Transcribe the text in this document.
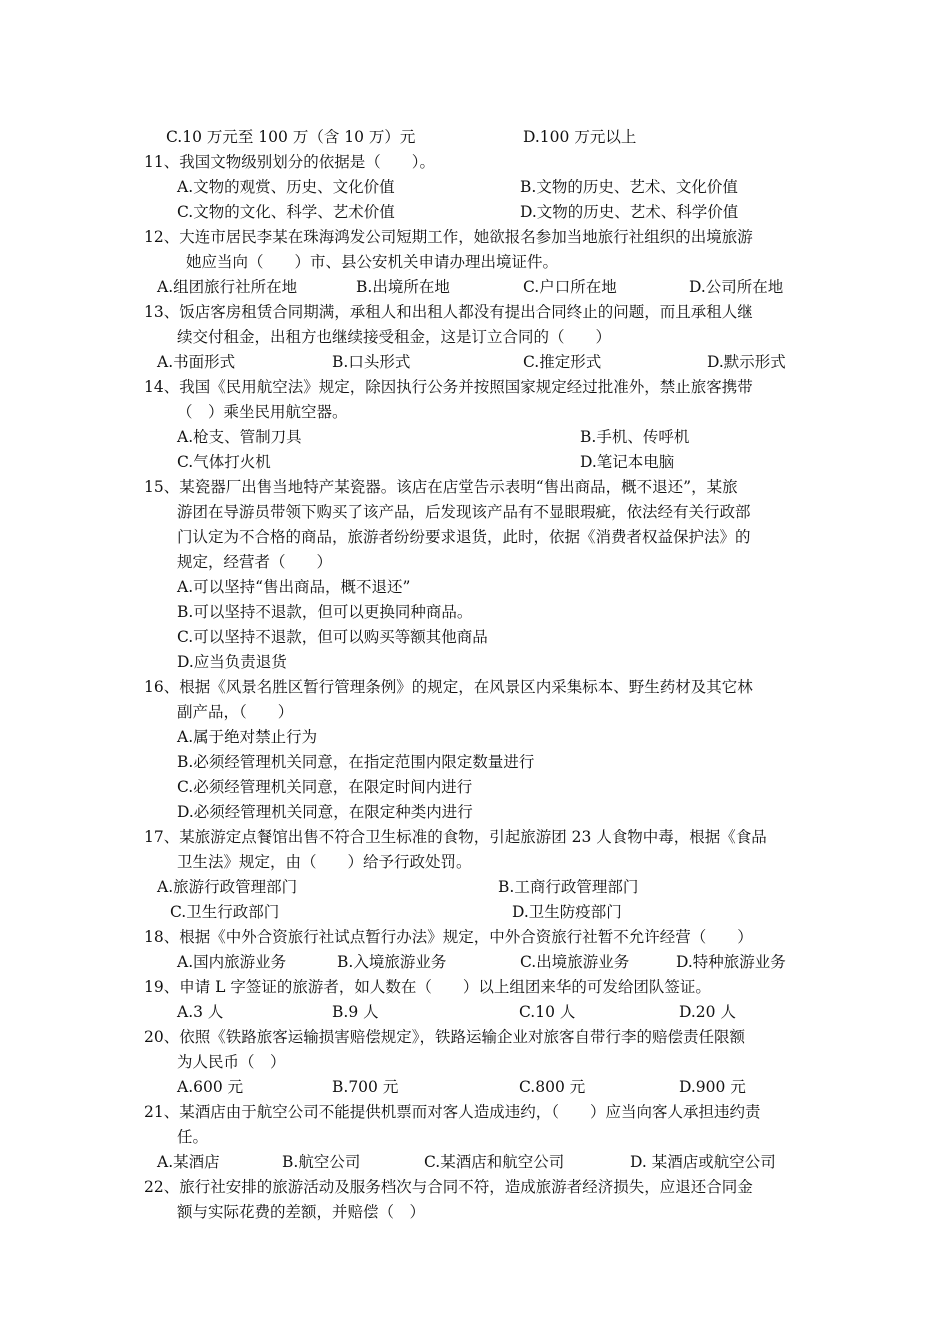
C.10 万元至 100 万（含 10 万）元	D.100 万元以上
11、我国文物级别划分的依据是（　　）。
A.文物的观赏、历史、文化价值	B.文物的历史、艺术、文化价值
C.文物的文化、科学、艺术价值	D.文物的历史、艺术、科学价值
12、大连市居民李某在珠海鸿发公司短期工作，她欲报名参加当地旅行社组织的出境旅游
她应当向（　　）市、县公安机关申请办理出境证件。
A.组团旅行社所在地	B.出境所在地	C.户口所在地	D.公司所在地
13、饭店客房租赁合同期满，承租人和出租人都没有提出合同终止的问题，而且承租人继
续交付租金，出租方也继续接受租金，这是订立合同的（　　）
A.书面形式	B.口头形式	C.推定形式	D.默示形式
14、我国《民用航空法》规定，除因执行公务并按照国家规定经过批准外，禁止旅客携带
（　）乘坐民用航空器。
A.枪支、管制刀具	B.手机、传呼机
C.气体打火机	D.笔记本电脑
15、某瓷器厂出售当地特产某瓷器。该店在店堂告示表明“售出商品，概不退还”，某旅
游团在导游员带领下购买了该产品，后发现该产品有不显眼瑕疵，依法经有关行政部
门认定为不合格的商品，旅游者纷纷要求退货，此时，依据《消费者权益保护法》的
规定，经营者（　　）
A.可以坚持“售出商品，概不退还”
B.可以坚持不退款，但可以更换同种商品。
C.可以坚持不退款，但可以购买等额其他商品
D.应当负责退货
16、根据《风景名胜区暂行管理条例》的规定，在风景区内采集标本、野生药材及其它林
副产品，（　　）
A.属于绝对禁止行为
B.必须经管理机关同意，在指定范围内限定数量进行
C.必须经管理机关同意，在限定时间内进行
D.必须经管理机关同意，在限定种类内进行
17、某旅游定点餐馆出售不符合卫生标准的食物，引起旅游团 23 人食物中毒，根据《食品
卫生法》规定，由（　　）给予行政处罚。
A.旅游行政管理部门	B.工商行政管理部门
C.卫生行政部门	D.卫生防疫部门
18、根据《中外合资旅行社试点暂行办法》规定，中外合资旅行社暂不允许经营（　　）
A.国内旅游业务	B.入境旅游业务	C.出境旅游业务	D.特种旅游业务
19、申请 L 字签证的旅游者，如人数在（　　）以上组团来华的可发给团队签证。
A.3 人	B.9 人	C.10 人	D.20 人
20、依照《铁路旅客运输损害赔偿规定》，铁路运输企业对旅客自带行李的赔偿责任限额
为人民币（　）
A.600 元	B.700 元	C.800 元	D.900 元
21、某酒店由于航空公司不能提供机票而对客人造成违约，（　　）应当向客人承担违约责
任。
A.某酒店	B.航空公司	C.某酒店和航空公司	D. 某酒店或航空公司
22、旅行社安排的旅游活动及服务档次与合同不符，造成旅游者经济损失，应退还合同金
额与实际花费的差额，并赔偿（　）
